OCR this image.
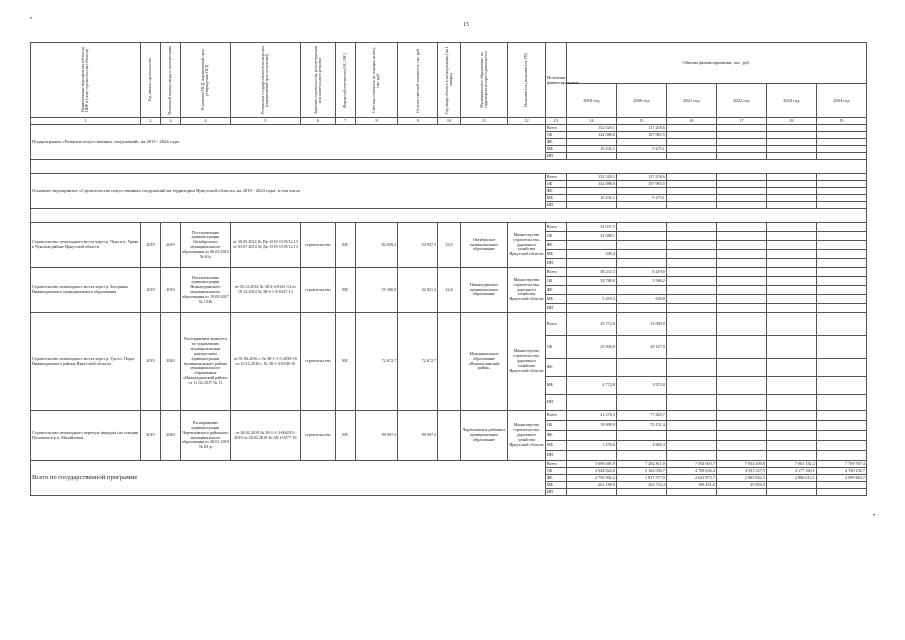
15
•
•
Наименование мероприятия (объекта) ПИР и (или) строительства (объекта)	Год начала строительства	Плановый период ввода в эксплуатацию	Реквизиты ПСД, нормативный срок утверждения ПСД	Реквизиты государственной экспертизы (нормативный срок получения)	Заказчик строительства, реконструкции или капитального ремонта	Форма собственности (ОС, МС)	Сметная стоимость (в текущих ценах), тыс. руб.	Остаток сметной стоимости, тыс. руб.	Год ввода объекта в эксплуатацию (на 1 января)	Муниципальное образование, на территории которого реализуется	Исполнитель (исполнитель ГП)	Источник финансирования	Объемы финансирования, тыс. руб.					
													2019 год	2020 год	2021 год	2022 год	2023 год	2024 год
1	2	3	4	5	6	7	8	9	10	11	12	13	14	15	16	17	18	19
Подпрограмма «Развитие искусственных сооружений» на 2015 - 2024 годы												Всего	152 520,1	117 258,6				
												ОБ	142 088,0	107 983,5				
												ФБ						
												МБ	10 232,1	9 275,1				
												ИИ						

Основное мероприятие «Строительство искусственных сооружений на территории Иркутской области» на 2019 - 2024 годы, в том числе												Всего	152 320,1	117 258,6				
												ОБ	142 088,0	107 983,5				
												ФБ						
												МБ	10 232,1	9 275,1				
												ИИ						

Строительство пешеходного моста через р. Чуна в п. Урняк в Чунском районе Иркутской области	2018	2019	Постановление администрации Октябрьского муниципального образования от 06.03.2015 № 61а	от 30.05.2014 № Пк-1519-1519/12.13 от 03.07.2014 № Дк-1519-1519/12.13	строительство	МС	82 656,5	54 937,5	33,5	Октябрьское муниципальное образование	Министерство строительства, дорожного хозяйства Иркутской области	Всего	54 937,5					
												ОБ	54 388,1					
												ФБ						
												МБ	549,4					
												ИИ						
Строительство пешеходного моста через р. Застрянка Нижнеудинского муниципального образования	2018	2019	Постановление администрации Нижнеудинского муниципального образования от 19.09.2017 № 1336	от 05.12.2014 № 38-2-4-0341-14 от 19.12.2014 № 38-2-1-4-0327-14	строительство	МС	55 306,9	42 651,3	22,6	Нижнеудинское муниципальное образование	Министерство строительства, дорожного хозяйства Иркутской области	Всего	38 233,3	6 219,0				
												ОБ	32 780,0	5 586,2				
												ФБ						
												МБ	5 453,3	630,8				
												ИИ						
Строительство пешеходного моста через р. Уда в г. Порог Нижнеудинского района Иркутской области	2019	2020	Распоряжение комитета по управлению муниципальным имуществом администрации муниципального района муниципального образования «Нижнеудинский район» от 11.02.2017 № 11	от 01.06.2016 г. № 38-1-1-3-2058-16 от 10.12.2016 г. № 38-1-4-0338-16	строительство	МС	72 672,7	72 672,7		Муниципальное образование «Нижнеудинский район»	Министерство строительства, дорожного хозяйства Иркутской области	Всего	29 772,8	33 099,9				
												ОБ	25 000,0	29 127,9				
												ФБ						
												МБ	4 772,8	3 972,0				
												ИИ						
Строительство пешеходного перехода (виадука) на станции Половина в р.п. Михайловка	2019	2020	Распоряжение администрации Черемховского районного муниципального образования от 28.01.2019 № 82-р	от 28.02.2019 № 38-1-1-3-004315-2019 от 28.02.2019 № 38-1-0277-19	строительство	МС	99 097,2	99 097,2		Черемховское районное муниципальное образование	Министерство строительства, дорожного хозяйства Иркутской области	Всего	21 276,5	77 820,7				
												ОБ	19 999,9	73 151,4				
												ФБ						
												МБ	1 276,6	4 669,3				
												ИИ						
Всего по государственной программе												Всего	5 696 085,9	7 282 811,0	7 592 003,7	7 934 209,8	7 063 182,2	7 709 767,4
												ОБ	2 644 824,6	5 162 036,7	4 769 636,4	4 911 547,5	4 177 169,1	4 720 102,7
												ФБ	2 790 092,2	1 817 577,9	2 622 875,7	2 983 842,3	2 886 013,1	2 989 664,7
												МБ	261 169,0	302 734,4	189 491,6	35 850,0		
												ИИ						
